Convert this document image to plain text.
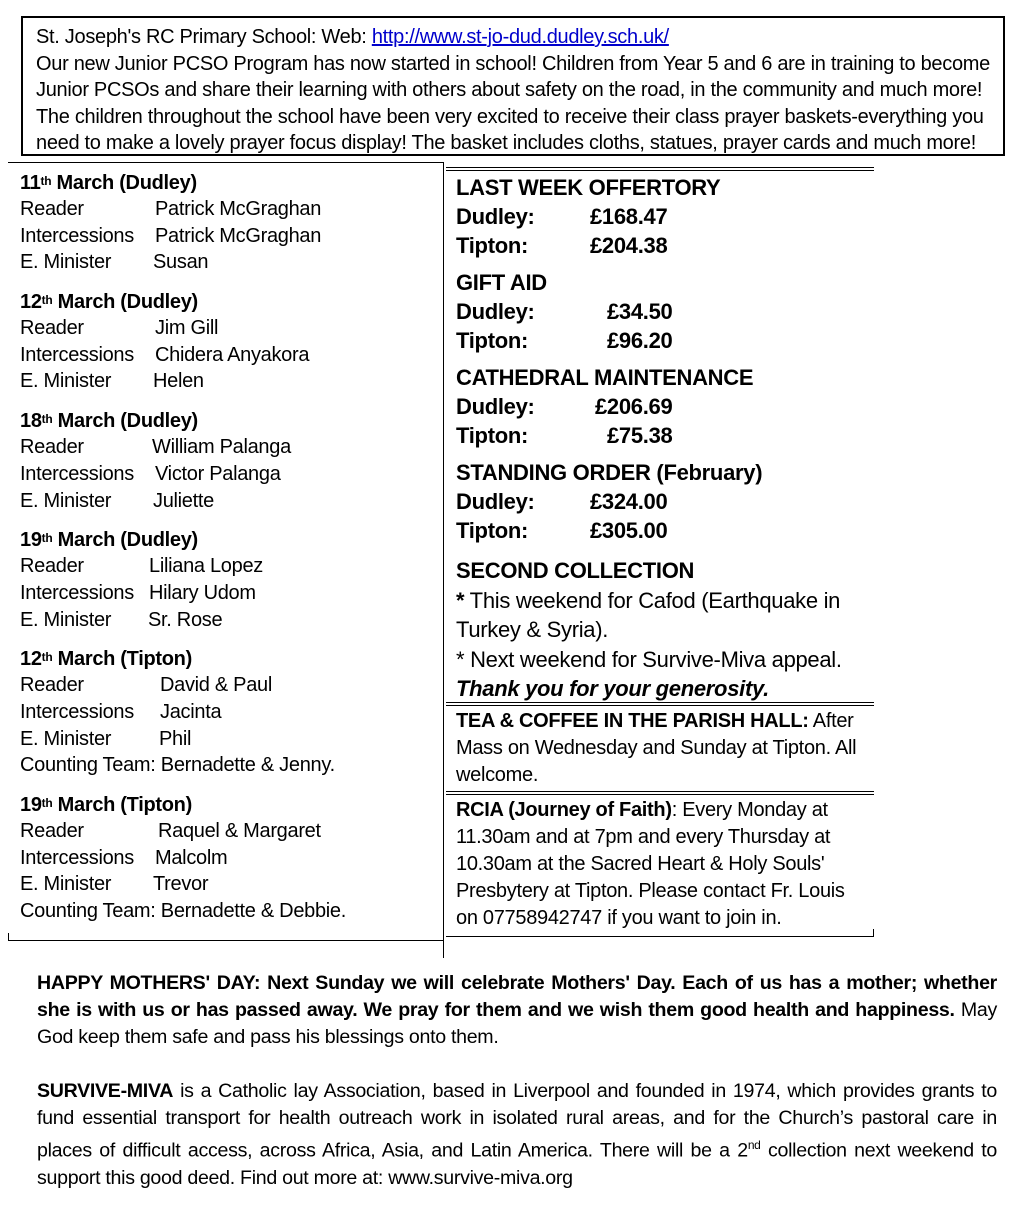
St. Joseph's RC Primary School: Web: http://www.st-jo-dud.dudley.sch.uk/

Our new Junior PCSO Program has now started in school! Children from Year 5 and 6 are in training to become Junior PCSOs and share their learning with others about safety on the road, in the community and much more!

The children throughout the school have been very excited to receive their class prayer baskets-everything you need to make a lovely prayer focus display! The basket includes cloths, statues, prayer cards and much more!

11th March (Dudley)
Reader	Patrick McGraghan
Intercessions Patrick McGraghan
E. Minister Susan
12th March (Dudley)
Reader	Jim Gill
Intercessions Chidera Anyakora
E. Minister Helen
18th March (Dudley)
Reader	William Palanga
Intercessions Victor Palanga
E. Minister Juliette
19th March (Dudley)
Reader	Liliana Lopez
Intercessions Hilary Udom
E. Minister Sr. Rose
12th March (Tipton)
Reader	David & Paul
Intercessions Jacinta
E. Minister Phil
Counting Team: Bernadette & Jenny.
19th March (Tipton)
Reader	Raquel & Margaret
Intercessions Malcolm
E. Minister Trevor
Counting Team: Bernadette & Debbie.
LAST WEEK OFFERTORY
Dudley:	£168.47
Tipton:	£204.38
GIFT AID
Dudley:	£34.50
Tipton:	£96.20
CATHEDRAL MAINTENANCE
Dudley:	£206.69
Tipton:	£75.38
STANDING ORDER (February)
Dudley:	£324.00
Tipton:	£305.00
SECOND COLLECTION

* This weekend for Cafod (Earthquake in Turkey & Syria).

* Next weekend for Survive-Miva appeal.

Thank you for your generosity.

TEA & COFFEE IN THE PARISH HALL: After Mass on Wednesday and Sunday at Tipton. All welcome.

RCIA (Journey of Faith): Every Monday at 11.30am and at 7pm and every Thursday at 10.30am at the Sacred Heart & Holy Souls' Presbytery at Tipton. Please contact Fr. Louis on 07758942747 if you want to join in.

HAPPY MOTHERS' DAY: Next Sunday we will celebrate Mothers' Day. Each of us has a mother; whether she is with us or has passed away. We pray for them and we wish them good health and happiness. May God keep them safe and pass his blessings onto them.

SURVIVE-MIVA is a Catholic lay Association, based in Liverpool and founded in 1974, which provides grants to fund essential transport for health outreach work in isolated rural areas, and for the Church’s pastoral care in places of difficult access, across Africa, Asia, and Latin America. There will be a 2nd collection next weekend to support this good deed. Find out more at: www.survive-miva.org
